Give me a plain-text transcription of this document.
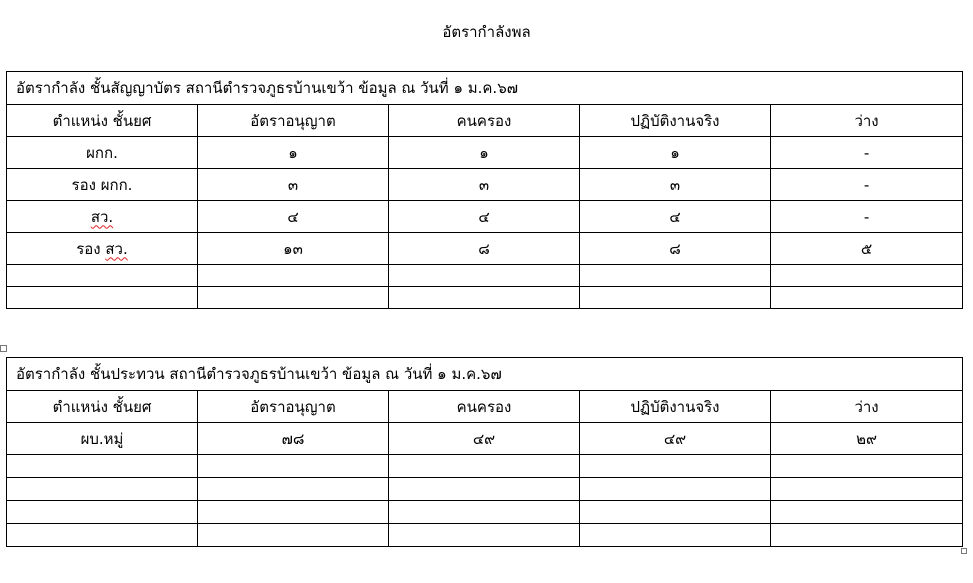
อัตรากำลังพล
อัตรากำลัง ชั้นสัญญาบัตร สถานีตำรวจภูธรบ้านเขว้า ข้อมูล ณ วันที่ ๑ ม.ค.๖๗				
ตำแหน่ง ชั้นยศ	อัตราอนุญาต	คนครอง	ปฏิบัติงานจริง	ว่าง
ผกก.	๑	๑	๑	-
รอง ผกก.	๓	๓	๓	-
สว.	๔	๔	๔	-
รอง สว.	๑๓	๘	๘	๕

อัตรากำลัง ชั้นประทวน สถานีตำรวจภูธรบ้านเขว้า ข้อมูล ณ วันที่ ๑ ม.ค.๖๗				
ตำแหน่ง ชั้นยศ	อัตราอนุญาต	คนครอง	ปฏิบัติงานจริง	ว่าง
ผบ.หมู่	๗๘	๔๙	๔๙	๒๙
